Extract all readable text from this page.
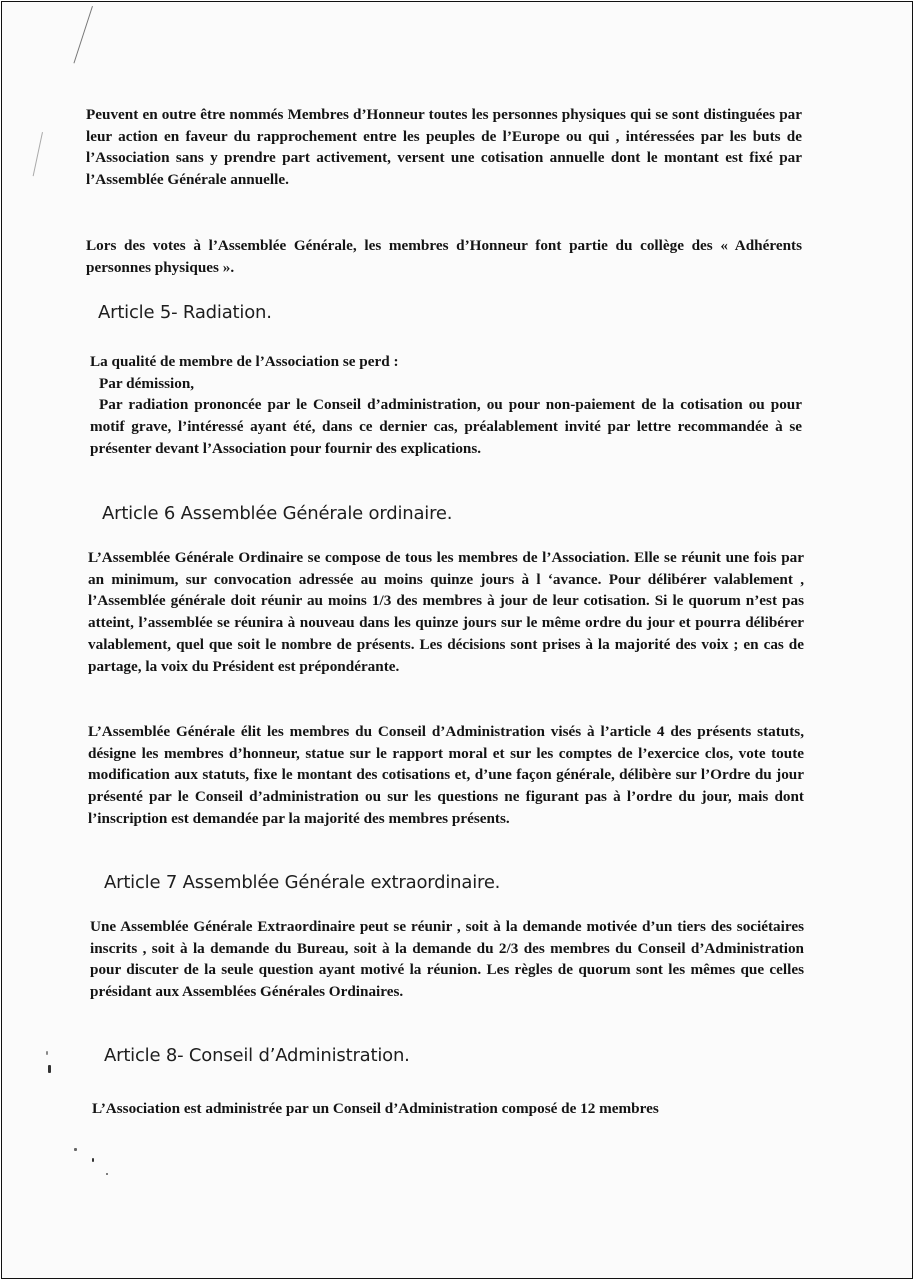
Peuvent en outre être nommés Membres d’Honneur toutes les personnes physiques qui se sont distinguées par leur action en faveur du rapprochement entre les peuples de l’Europe ou qui , intéressées par les buts de l’Association sans y prendre part activement, versent une cotisation annuelle dont le montant est fixé par l’Assemblée Générale annuelle.

Lors des votes à l’Assemblée Générale, les membres d’Honneur font partie du collège des « Adhérents personnes physiques ».

Article 5- Radiation.
La qualité de membre de l’Association se perd :
Par démission,
Par radiation prononcée par le Conseil d’administration, ou pour non-paiement de la cotisation ou pour motif grave, l’intéressé ayant été, dans ce dernier cas, préalablement invité par lettre recommandée à se présenter devant l’Association pour fournir des explications.
Article 6 Assemblée Générale ordinaire.

L’Assemblée Générale Ordinaire se compose de tous les membres de l’Association. Elle se réunit une fois par an minimum, sur convocation adressée au moins quinze jours à l ‘avance. Pour délibérer valablement , l’Assemblée générale doit réunir au moins 1/3 des membres à jour de leur cotisation. Si le quorum n’est pas atteint, l’assemblée se réunira à nouveau dans les quinze jours sur le même ordre du jour et pourra délibérer valablement, quel que soit le nombre de présents. Les décisions sont prises à la majorité des voix ; en cas de partage, la voix du Président est prépondérante.

L’Assemblée Générale élit les membres du Conseil d’Administration visés à l’article 4 des présents statuts, désigne les membres d’honneur, statue sur le rapport moral et sur les comptes de l’exercice clos, vote toute modification aux statuts, fixe le montant des cotisations et, d’une façon générale, délibère sur l’Ordre du jour présenté par le Conseil d’administration ou sur les questions ne figurant pas à l’ordre du jour, mais dont l’inscription est demandée par la majorité des membres présents.

Article 7 Assemblée Générale extraordinaire.

Une Assemblée Générale Extraordinaire peut se réunir , soit à la demande motivée d’un tiers des sociétaires inscrits , soit à la demande du Bureau, soit à la demande du 2/3 des membres du Conseil d’Administration pour discuter de la seule question ayant motivé la réunion. Les règles de quorum sont les mêmes que celles présidant aux Assemblées Générales Ordinaires.

Article 8- Conseil d’Administration.

L’Association est administrée par un Conseil d’Administration composé de 12 membres
